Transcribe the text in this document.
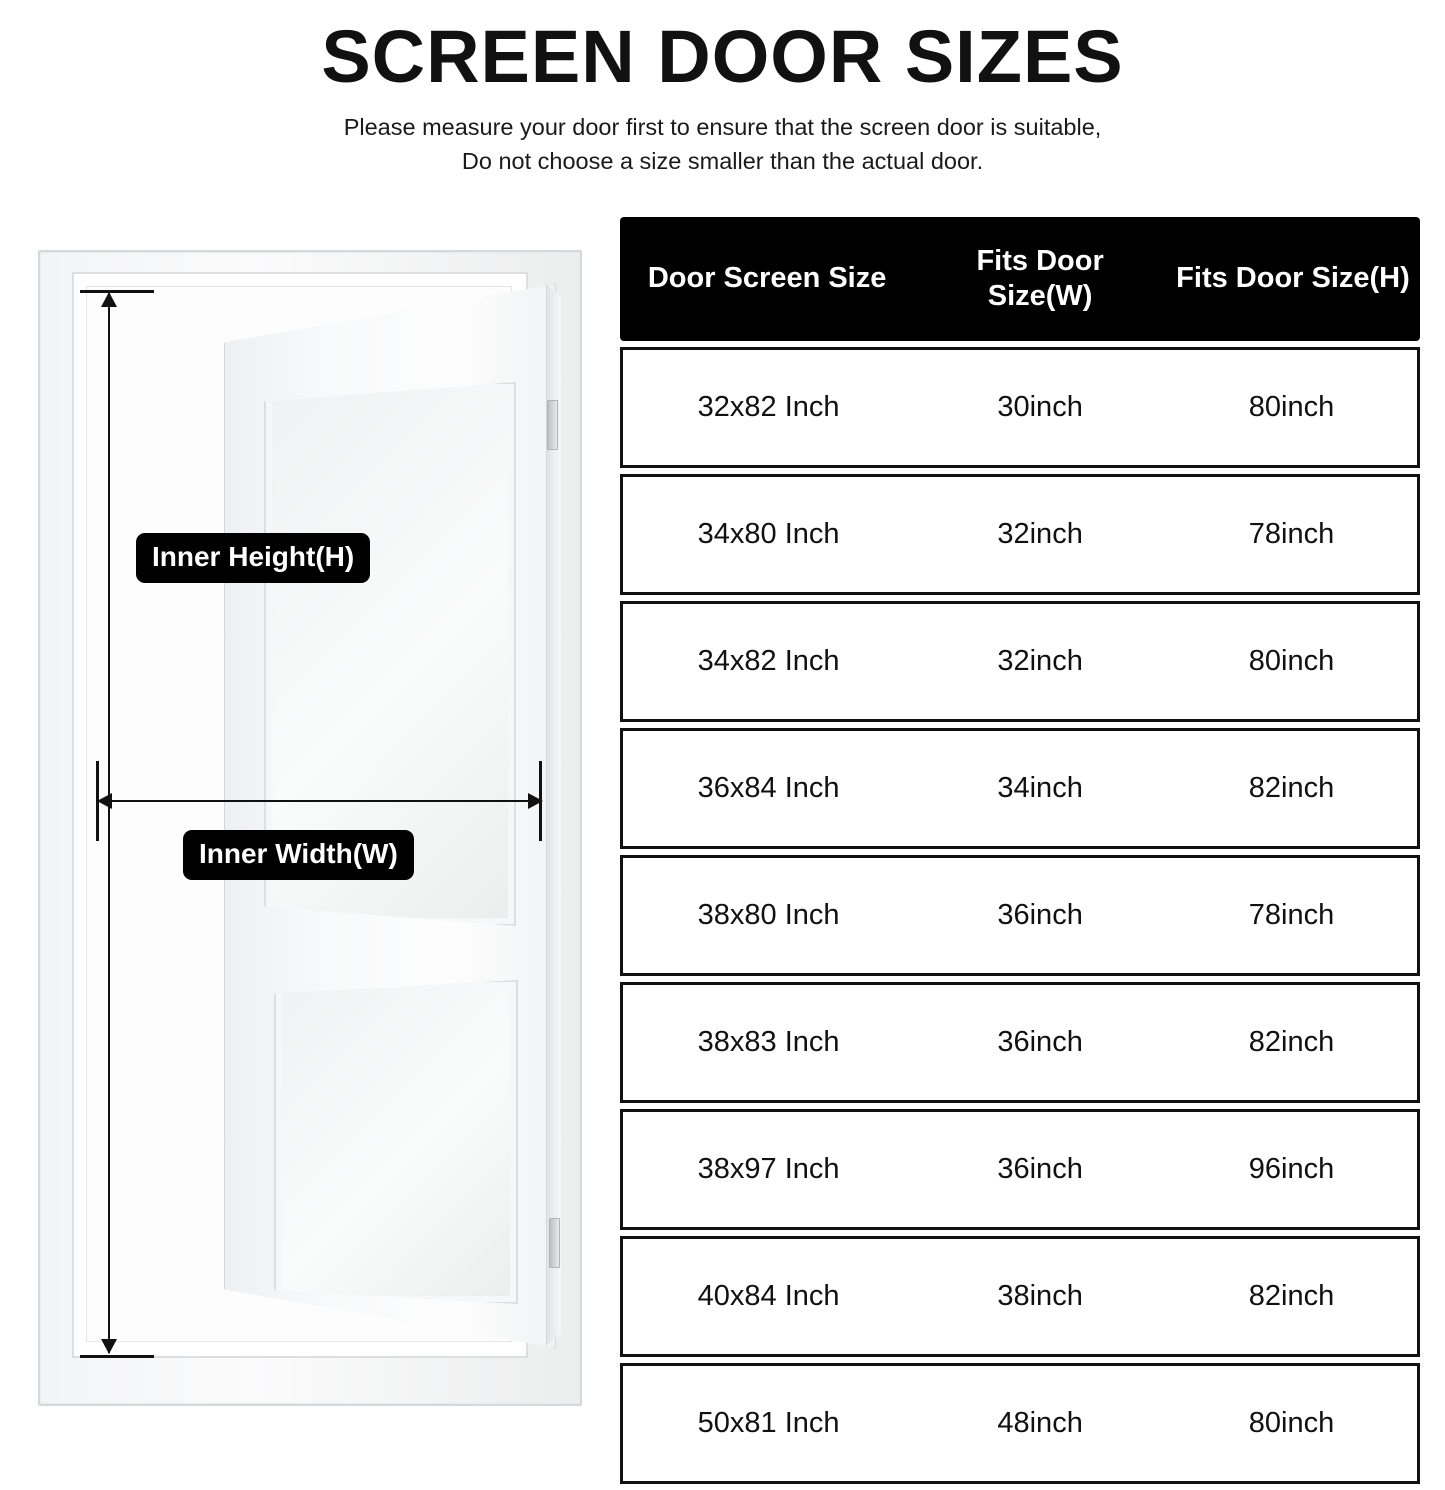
SCREEN DOOR SIZES
Please measure your door first to ensure that the screen door is suitable,
Do not choose a size smaller than the actual door.
Inner Height(H)
Inner Width(W)
Door Screen Size	Fits Door Size(W)	Fits Door Size(H)
32x82 Inch	30inch	80inch
34x80 Inch	32inch	78inch
34x82 Inch	32inch	80inch
36x84 Inch	34inch	82inch
38x80 Inch	36inch	78inch
38x83 Inch	36inch	82inch
38x97 Inch	36inch	96inch
40x84 Inch	38inch	82inch
50x81 Inch	48inch	80inch
